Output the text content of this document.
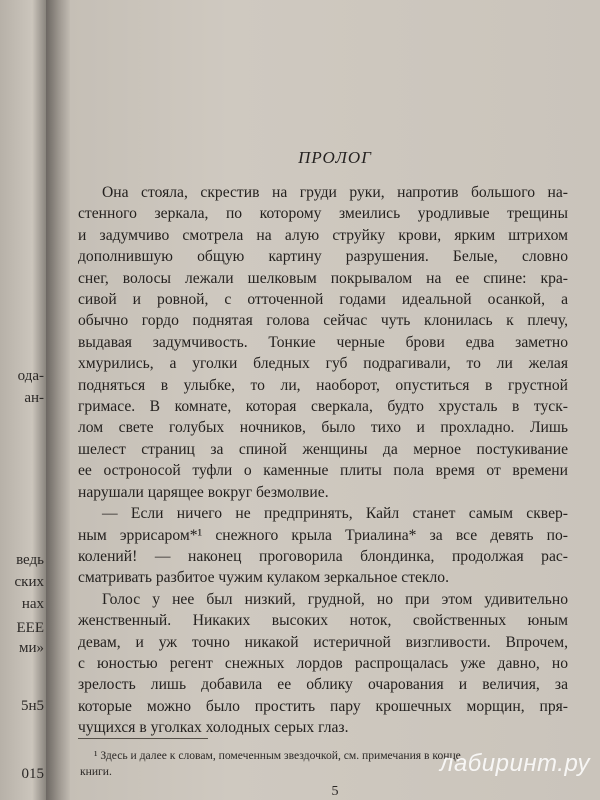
ода-
ан-
ведь
ских
нах
ЕЕЕ
ми»
5н5
015
ПРОЛОГ
Она стояла, скрестив на груди руки, напротив большого на-
стенного зеркала, по которому змеились уродливые трещины
и задумчиво смотрела на алую струйку крови, ярким штрихом
дополнившую общую картину разрушения. Белые, словно
снег, волосы лежали шелковым покрывалом на ее спине: кра-
сивой и ровной, с отточенной годами идеальной осанкой, а
обычно гордо поднятая голова сейчас чуть клонилась к плечу,
выдавая задумчивость. Тонкие черные брови едва заметно
хмурились, а уголки бледных губ подрагивали, то ли желая
подняться в улыбке, то ли, наоборот, опуститься в грустной
гримасе. В комнате, которая сверкала, будто хрусталь в туск-
лом свете голубых ночников, было тихо и прохладно. Лишь
шелест страниц за спиной женщины да мерное постукивание
ее остроносой туфли о каменные плиты пола время от времени
нарушали царящее вокруг безмолвие.
— Если ничего не предпринять, Кайл станет самым сквер-
ным эррисаром*¹ снежного крыла Триалина* за все девять по-
колений! — наконец проговорила блондинка, продолжая рас-
сматривать разбитое чужим кулаком зеркальное стекло.
Голос у нее был низкий, грудной, но при этом удивительно
женственный. Никаких высоких ноток, свойственных юным
девам, и уж точно никакой истеричной визгливости. Впрочем,
с юностью регент снежных лордов распрощалась уже давно, но
зрелость лишь добавила ее облику очарования и величия, за
которые можно было простить пару крошечных морщин, пря-
чущихся в уголках холодных серых глаз.
¹ Здесь и далее к словам, помеченным звездочкой, см. примечания в конце
книги.
5
лабиринт.ру
